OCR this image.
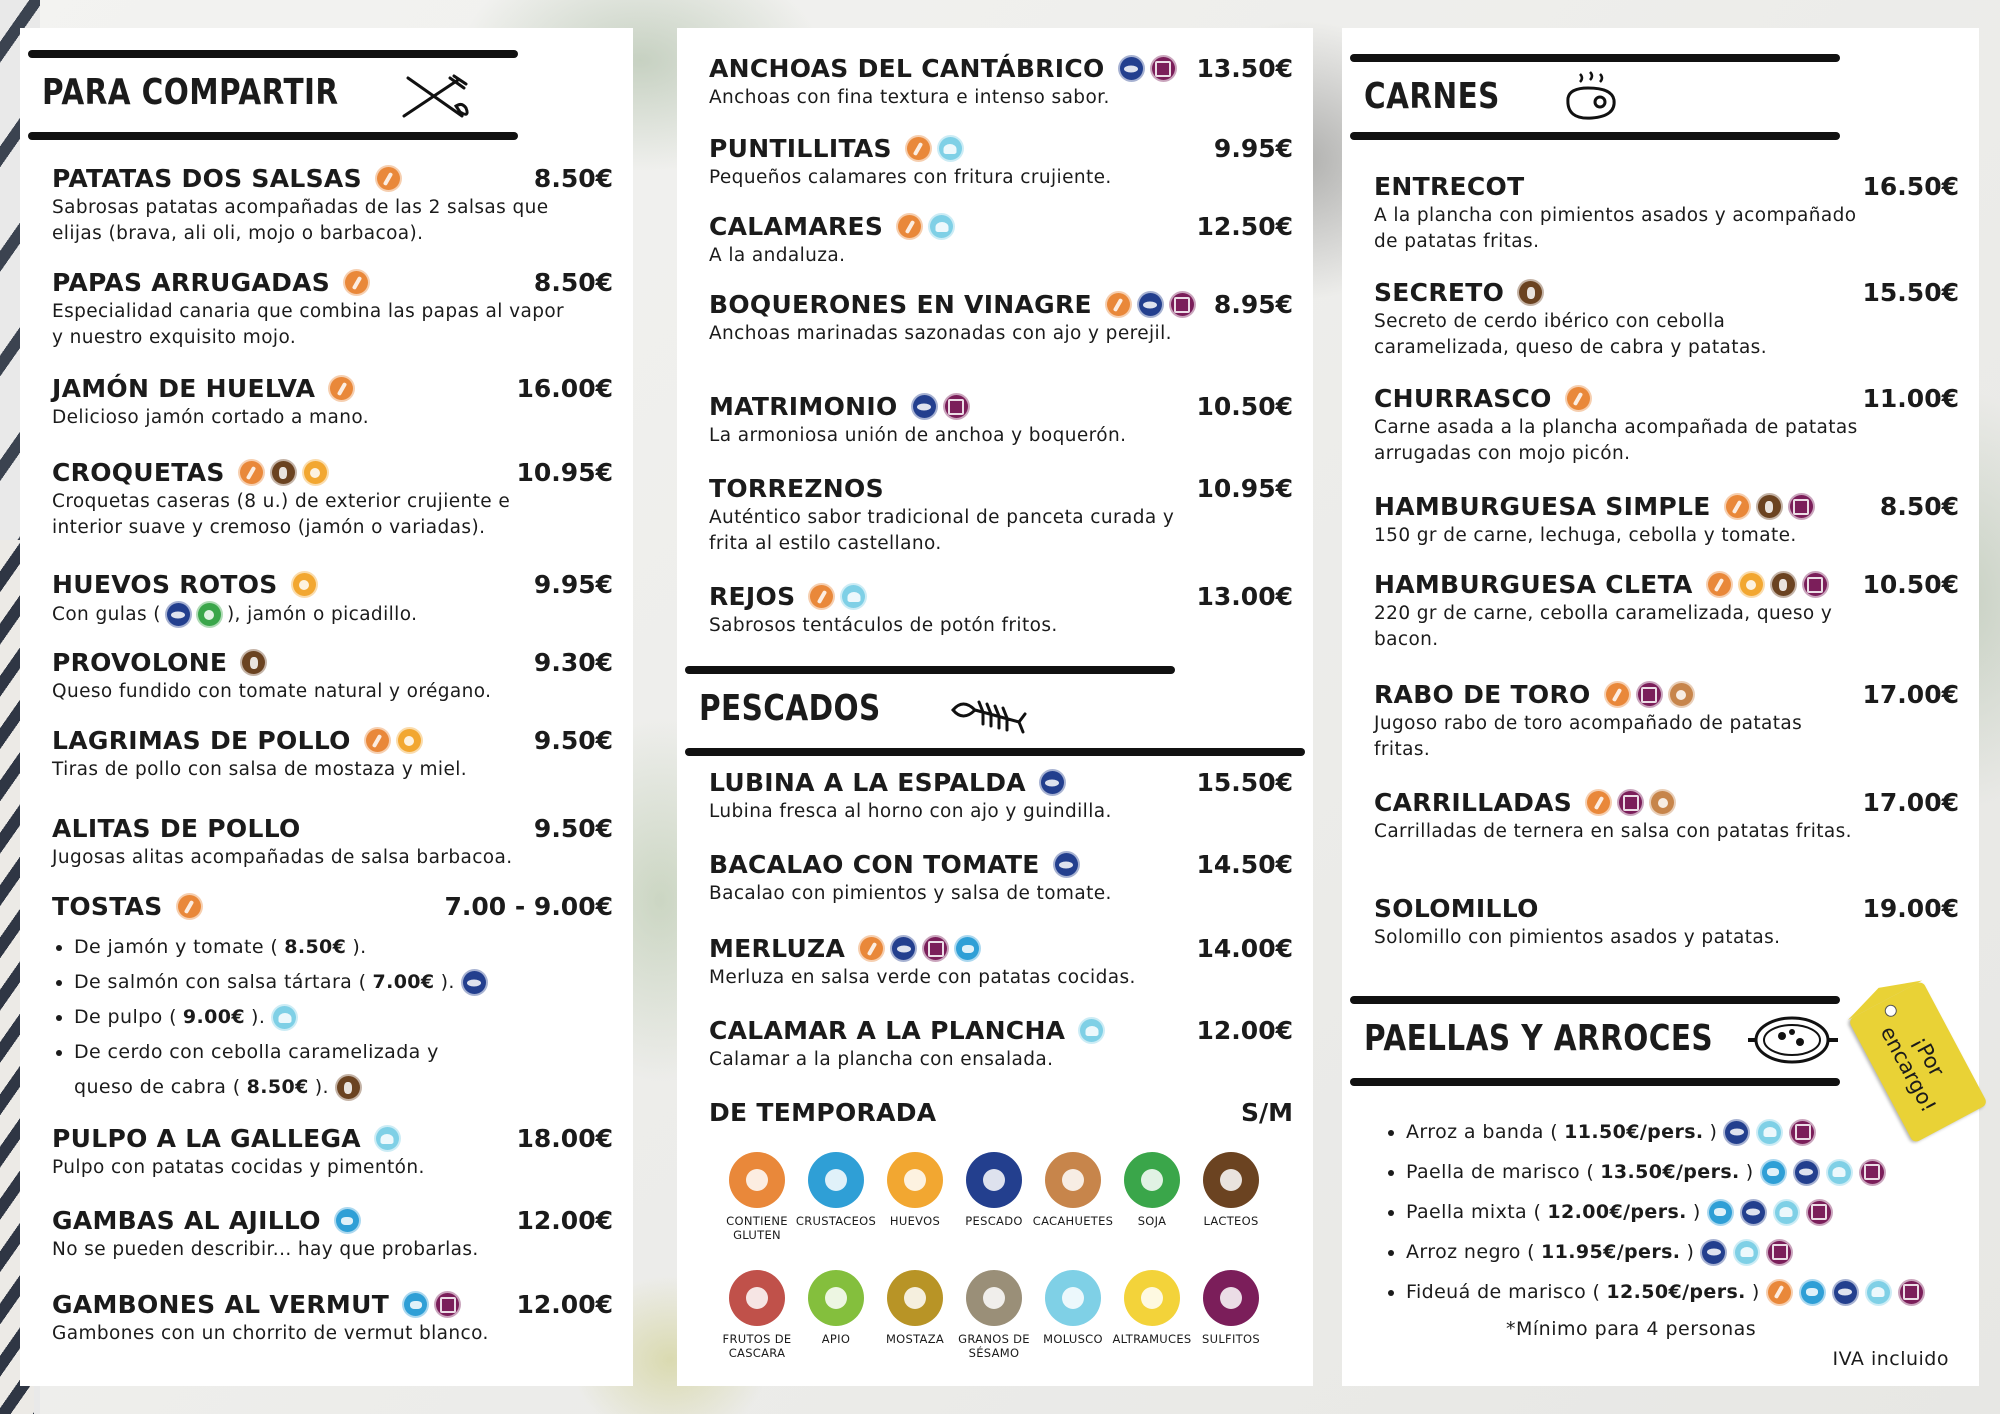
PARA COMPARTIR
PATATAS DOS SALSAS	8.50€
Sabrosas patatas acompañadas de las 2 salsas que elijas (brava, ali oli, mojo o barbacoa).
PAPAS ARRUGADAS	8.50€
Especialidad canaria que combina las papas al vapor y nuestro exquisito mojo.
JAMÓN DE HUELVA	16.00€
Delicioso jamón cortado a mano.
CROQUETAS	10.95€
Croquetas caseras (8 u.) de exterior crujiente e interior suave y cremoso (jamón o variadas).
HUEVOS ROTOS	9.95€
Con gulas (	), jamón o picadillo.
PROVOLONE	9.30€
Queso fundido con tomate natural y orégano.
LAGRIMAS DE POLLO	9.50€
Tiras de pollo con salsa de mostaza y miel.
ALITAS DE POLLO	9.50€
Jugosas alitas acompañadas de salsa barbacoa.
TOSTAS	7.00 - 9.00€
PULPO A LA GALLEGA	18.00€
Pulpo con patatas cocidas y pimentón.
GAMBAS AL AJILLO	12.00€
No se pueden describir... hay que probarlas.
GAMBONES AL VERMUT	12.00€
Gambones con un chorrito de vermut blanco.
• De jamón y tomate ( 8.50€ ).
• De salmón con salsa tártara ( 7.00€ ).
• De pulpo ( 9.00€ ).
• De cerdo con cebolla caramelizada y
queso de cabra ( 8.50€ ).
ANCHOAS DEL CANTÁBRICO	13.50€
Anchoas con fina textura e intenso sabor.
PUNTILLITAS	9.95€
Pequeños calamares con fritura crujiente.
CALAMARES	12.50€
A la andaluza.
BOQUERONES EN VINAGRE	8.95€
Anchoas marinadas sazonadas con ajo y perejil.
MATRIMONIO	10.50€
La armoniosa unión de anchoa y boquerón.
TORREZNOS	10.95€
Auténtico sabor tradicional de panceta curada y frita al estilo castellano.
REJOS	13.00€
Sabrosos tentáculos de potón fritos.
PESCADOS
LUBINA A LA ESPALDA	15.50€
Lubina fresca al horno con ajo y guindilla.
BACALAO CON TOMATE	14.50€
Bacalao con pimientos y salsa de tomate.
MERLUZA	14.00€
Merluza en salsa verde con patatas cocidas.
CALAMAR A LA PLANCHA	12.00€
Calamar a la plancha con ensalada.
DE TEMPORADA	S/M
CONTIENE GLUTEN
CRUSTACEOS	HUEVOS	PESCADO CACAHUETES	SOJA	LACTEOS
FRUTOS DE CASCARA
APIO	MOSTAZA	GRANOS DE SÉSAMO
MOLUSCO ALTRAMUCES SULFITOS
CARNES
ENTRECOT	16.50€
A la plancha con pimientos asados y acompañado de patatas fritas.
SECRETO	15.50€
Secreto de cerdo ibérico con cebolla caramelizada, queso de cabra y patatas.
CHURRASCO	11.00€
Carne asada a la plancha acompañada de patatas arrugadas con mojo picón.
HAMBURGUESA SIMPLE	8.50€
150 gr de carne, lechuga, cebolla y tomate.
HAMBURGUESA CLETA	10.50€
220 gr de carne, cebolla caramelizada, queso y bacon.
RABO DE TORO	17.00€
Jugoso rabo de toro acompañado de patatas fritas.
CARRILLADAS	17.00€
Carrilladas de ternera en salsa con patatas fritas.
SOLOMILLO	19.00€
Solomillo con pimientos asados y patatas.
PAELLAS Y ARROCES
• Arroz a banda ( 11.50€/pers. )
• Paella de marisco ( 13.50€/pers. )
• Paella mixta ( 12.00€/pers. )
• Arroz negro ( 11.95€/pers. )
• Fideuá de marisco ( 12.50€/pers. )
*Mínimo para 4 personas
IVA incluido
¡Por encargo!
